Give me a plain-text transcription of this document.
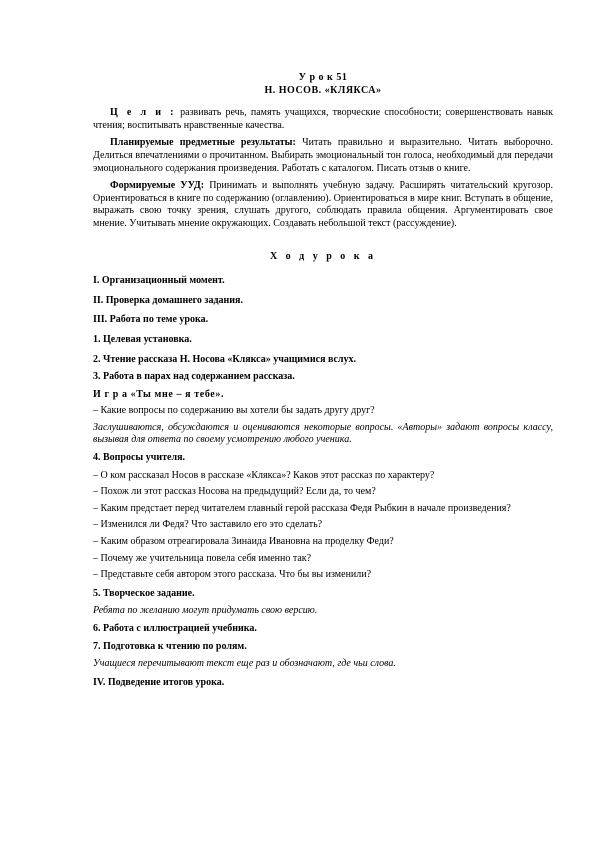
У р о к 51
Н. НОСОВ. «КЛЯКСА»

Ц е л и : развивать речь, память учащихся, творческие способности; совершенствовать навык чтения; воспитывать нравственные качества.

Планируемые предметные результаты: Читать правильно и выразительно. Читать выборочно. Делиться впечатлениями о прочитанном. Выбирать эмоциональный тон голоса, необходимый для передачи эмоционального содержания произведения. Работать с каталогом. Писать отзыв о книге.

Формируемые УУД: Принимать и выполнять учебную задачу. Расширять читательский кругозор. Ориентироваться в книге по содержанию (оглавлению). Ориентироваться в мире книг. Вступать в общение, выражать свою точку зрения, слушать другого, соблюдать правила общения. Аргументировать свое мнение. Учитывать мнение окружающих. Создавать небольшой текст (рассуждение).

Х о д у р о к а

I. Организационный момент.

II. Проверка домашнего задания.

III. Работа по теме урока.

1. Целевая установка.

2. Чтение рассказа Н. Носова «Клякса» учащимися вслух.

3. Работа в парах над содержанием рассказа.

И г р а «Ты мне – я тебе».

– Какие вопросы по содержанию вы хотели бы задать другу друг?

Заслушиваются, обсуждаются и оцениваются некоторые вопросы. «Авторы» задают вопросы классу, вызывая для ответа по своему усмотрению любого ученика.

4. Вопросы учителя.

– О ком рассказал Носов в рассказе «Клякса»? Каков этот рассказ по характеру?

– Похож ли этот рассказ Носова на предыдущий? Если да, то чем?

– Каким предстает перед читателем главный герой рассказа Федя Рыбкин в начале произведения?

– Изменился ли Федя? Что заставило его это сделать?

– Каким образом отреагировала Зинаида Ивановна на проделку Феди?

– Почему же учительница повела себя именно так?

– Представьте себя автором этого рассказа. Что бы вы изменили?

5. Творческое задание.

Ребята по желанию могут придумать свою версию.

6. Работа с иллюстрацией учебника.

7. Подготовка к чтению по ролям.

Учащиеся перечитывают текст еще раз и обозначают, где чьи слова.

IV. Подведение итогов урока.
